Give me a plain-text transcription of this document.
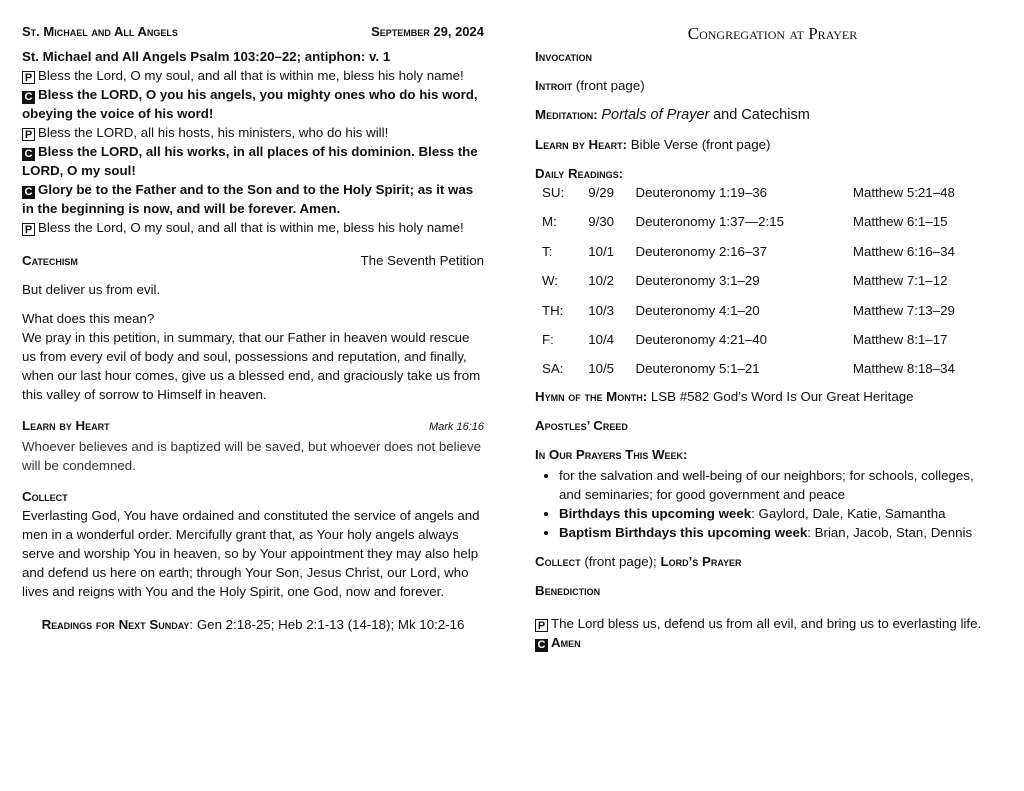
St. Michael and All Angels	September 29, 2024
St. Michael and All Angels Psalm 103:20–22; antiphon: v. 1
P Bless the Lord, O my soul, and all that is within me, bless his holy name!
C Bless the LORD, O you his angels, you mighty ones who do his word, obeying the voice of his word!
P Bless the LORD, all his hosts, his ministers, who do his will!
C Bless the LORD, all his works, in all places of his dominion. Bless the LORD, O my soul!
C Glory be to the Father and to the Son and to the Holy Spirit; as it was in the beginning is now, and will be forever. Amen.
P Bless the Lord, O my soul, and all that is within me, bless his holy name!
Catechism	The Seventh Petition
But deliver us from evil.
What does this mean?
We pray in this petition, in summary, that our Father in heaven would rescue us from every evil of body and soul, possessions and reputation, and finally, when our last hour comes, give us a blessed end, and graciously take us from this valley of sorrow to Himself in heaven.
Learn by Heart	Mark 16:16
Whoever believes and is baptized will be saved, but whoever does not believe will be condemned.
Collect
Everlasting God, You have ordained and constituted the service of angels and men in a wonderful order. Mercifully grant that, as Your holy angels always serve and worship You in heaven, so by Your appointment they may also help and defend us here on earth; through Your Son, Jesus Christ, our Lord, who lives and reigns with You and the Holy Spirit, one God, now and forever.
Readings for Next Sunday: Gen 2:18-25; Heb 2:1-13 (14-18); Mk 10:2-16
Congregation at Prayer
Invocation
Introit (front page)
Meditation: Portals of Prayer and Catechism
Learn by Heart: Bible Verse (front page)
Daily Readings:
SU:	9/29	Deuteronomy 1:19–36	Matthew 5:21–48
M:	9/30	Deuteronomy 1:37—2:15	Matthew 6:1–15
T:	10/1	Deuteronomy 2:16–37	Matthew 6:16–34
W:	10/2	Deuteronomy 3:1–29	Matthew 7:1–12
TH:	10/3	Deuteronomy 4:1–20	Matthew 7:13–29
F:	10/4	Deuteronomy 4:21–40	Matthew 8:1–17
SA:	10/5	Deuteronomy 5:1–21	Matthew 8:18–34
Hymn of the Month: LSB #582 God’s Word Is Our Great Heritage
Apostles’ Creed
In Our Prayers This Week:
• for the salvation and well-being of our neighbors; for schools, colleges, and seminaries; for good government and peace
• Birthdays this upcoming week: Gaylord, Dale, Katie, Samantha
• Baptism Birthdays this upcoming week: Brian, Jacob, Stan, Dennis
Collect (front page); Lord’s Prayer
Benediction
P The Lord bless us, defend us from all evil, and bring us to everlasting life.
C Amen
